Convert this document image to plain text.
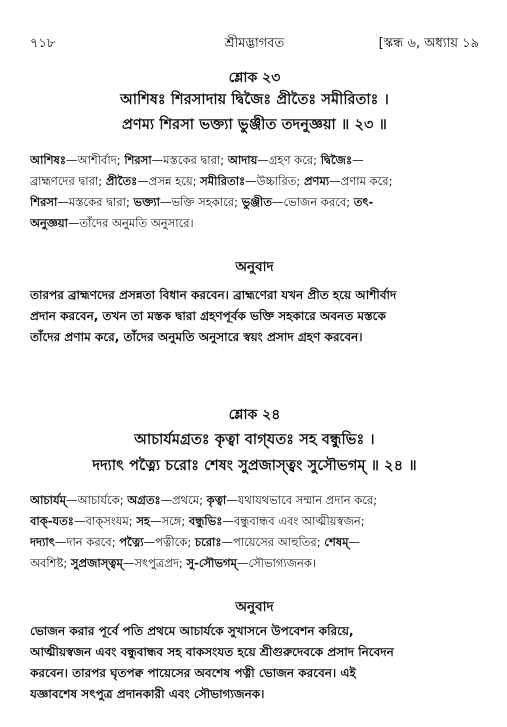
৭১৮	শ্রীমদ্ভাগবত	[স্কন্ধ ৬, অধ্যায় ১৯
শ্লোক ২৩
আশিষঃ শিরসাদায় দ্বিজৈঃ প্রীতৈঃ সমীরিতাঃ ।
প্রণম্য শিরসা ভক্ত্যা ভুঞ্জীত তদনুজ্ঞয়া ॥ ২৩ ॥
আশিষঃ—আশীর্বাদ; শিরসা—মস্তকের দ্বারা; আদায়—গ্রহণ করে; দ্বিজৈঃ—
ব্রাহ্মণদের দ্বারা; প্রীতৈঃ—প্রসন্ন হয়ে; সমীরিতাঃ—উচ্চারিত; প্রণম্য—প্রণাম করে;
শিরসা—মস্তকের দ্বারা; ভক্ত্যা—ভক্তি সহকারে; ভুঞ্জীত—ভোজন করবে; তৎ-
অনুজ্ঞয়া—তাঁদের অনুমতি অনুসারে।
অনুবাদ
তারপর ব্রাহ্মণদের প্রসন্নতা বিধান করবেন। ব্রাহ্মণেরা যখন প্রীত হয়ে আশীর্বাদ
প্রদান করবেন, তখন তা মস্তক দ্বারা গ্রহণপূর্বক ভক্তি সহকারে অবনত মস্তকে
তাঁদের প্রণাম করে, তাঁদের অনুমতি অনুসারে স্বয়ং প্রসাদ গ্রহণ করবেন।
শ্লোক ২৪
আচার্যমগ্রতঃ কৃত্বা বাগ্‌যতঃ সহ বন্ধুভিঃ ।
দদ্যাৎ পত্ন্যৈ চরোঃ শেষং সুপ্রজাস্ত্বং সুসৌভগম্ ॥ ২৪ ॥
আচার্যম্—আচার্যকে; অগ্রতঃ—প্রথমে; কৃত্বা—যথাযথভাবে সম্মান প্রদান করে;
বাক্-যতঃ—বাক্‌সংযম; সহ—সঙ্গে; বন্ধুভিঃ—বন্ধুবান্ধব এবং আত্মীয়স্বজন;
দদ্যাৎ—দান করবে; পত্ন্যৈ—পত্নীকে; চরোঃ—পায়েসের আহুতির; শেষম্—
অবশিষ্ট; সুপ্রজাস্ত্বম্—সৎপুত্রপ্রদ; সু-সৌভগম্—সৌভাগ্যজনক।
অনুবাদ
ভোজন করার পূর্বে পতি প্রথমে আচার্যকে সুখাসনে উপবেশন করিয়ে,
আত্মীয়স্বজন এবং বন্ধুবান্ধব সহ বাকসংযত হয়ে শ্রীগুরুদেবকে প্রসাদ নিবেদন
করবেন। তারপর ঘৃতপক্ব পায়েসের অবশেষ পত্নী ভোজন করবেন। এই
যজ্ঞাবশেষ সৎপুত্র প্রদানকারী এবং সৌভাগ্যজনক।
